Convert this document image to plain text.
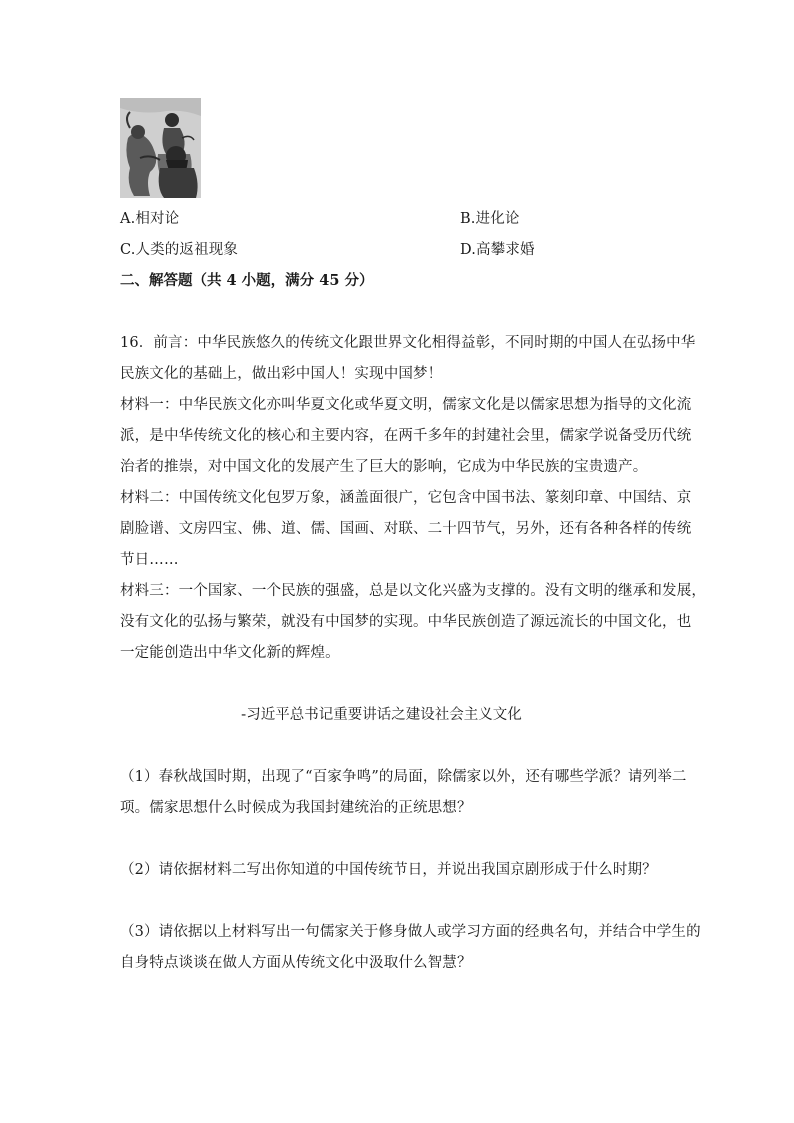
A.相对论	B.进化论
C.人类的返祖现象	D.高攀求婚
二、解答题（共 4 小题，满分 45 分）
16．前言：中华民族悠久的传统文化跟世界文化相得益彰，不同时期的中国人在弘扬中华
民族文化的基础上，做出彩中国人！实现中国梦！
材料一：中华民族文化亦叫华夏文化或华夏文明，儒家文化是以儒家思想为指导的文化流
派，是中华传统文化的核心和主要内容，在两千多年的封建社会里，儒家学说备受历代统
治者的推崇，对中国文化的发展产生了巨大的影响，它成为中华民族的宝贵遗产。
材料二：中国传统文化包罗万象，涵盖面很广，它包含中国书法、篆刻印章、中国结、京
剧脸谱、文房四宝、佛、道、儒、国画、对联、二十四节气，另外，还有各种各样的传统
节日……
材料三：一个国家、一个民族的强盛，总是以文化兴盛为支撑的。没有文明的继承和发展，
没有文化的弘扬与繁荣，就没有中国梦的实现。中华民族创造了源远流长的中国文化，也
一定能创造出中华文化新的辉煌。
-习近平总书记重要讲话之建设社会主义文化
（1）春秋战国时期，出现了“百家争鸣”的局面，除儒家以外，还有哪些学派？请列举二
项。儒家思想什么时候成为我国封建统治的正统思想？
（2）请依据材料二写出你知道的中国传统节日，并说出我国京剧形成于什么时期？
（3）请依据以上材料写出一句儒家关于修身做人或学习方面的经典名句，并结合中学生的
自身特点谈谈在做人方面从传统文化中汲取什么智慧？
